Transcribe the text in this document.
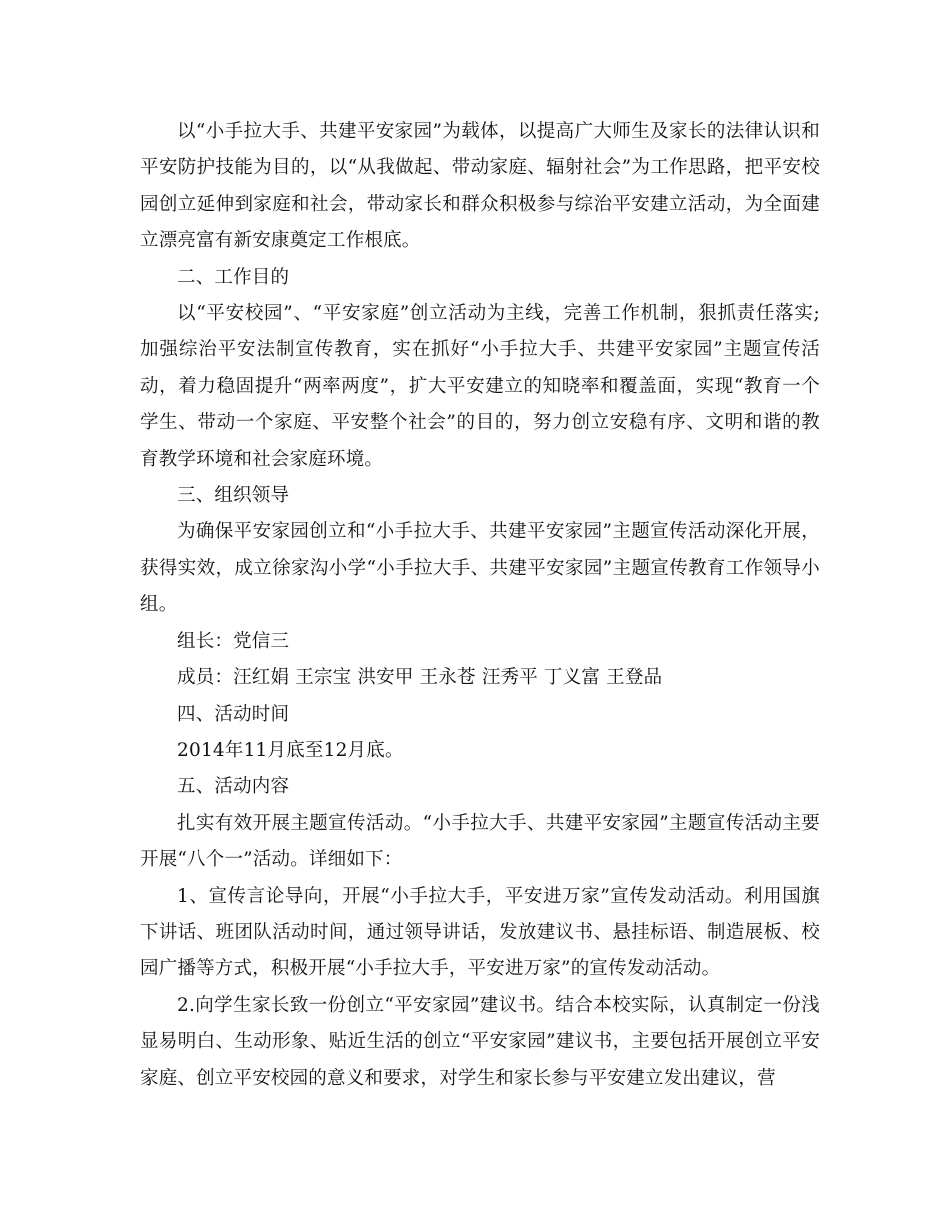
以“小手拉大手、共建平安家园”为载体，以提高广大师生及家长的法律认识和平安防护技能为目的，以“从我做起、带动家庭、辐射社会”为工作思路，把平安校园创立延伸到家庭和社会，带动家长和群众积极参与综治平安建立活动，为全面建立漂亮富有新安康奠定工作根底。

二、工作目的

以“平安校园”、“平安家庭”创立活动为主线，完善工作机制，狠抓责任落实;加强综治平安法制宣传教育，实在抓好“小手拉大手、共建平安家园”主题宣传活动，着力稳固提升“两率两度”，扩大平安建立的知晓率和覆盖面，实现“教育一个学生、带动一个家庭、平安整个社会”的目的，努力创立安稳有序、文明和谐的教育教学环境和社会家庭环境。

三、组织领导

为确保平安家园创立和“小手拉大手、共建平安家园”主题宣传活动深化开展，获得实效，成立徐家沟小学“小手拉大手、共建平安家园”主题宣传教育工作领导小组。

组长：党信三

成员：汪红娟 王宗宝 洪安甲 王永苍 汪秀平 丁义富 王登品

四、活动时间

2014年11月底至12月底。

五、活动内容

扎实有效开展主题宣传活动。“小手拉大手、共建平安家园”主题宣传活动主要开展“八个一”活动。详细如下：

1、宣传言论导向，开展“小手拉大手，平安进万家”宣传发动活动。利用国旗下讲话、班团队活动时间，通过领导讲话，发放建议书、悬挂标语、制造展板、校园广播等方式，积极开展“小手拉大手，平安进万家”的宣传发动活动。

2.向学生家长致一份创立“平安家园”建议书。结合本校实际，认真制定一份浅显易明白、生动形象、贴近生活的创立“平安家园”建议书，主要包括开展创立平安家庭、创立平安校园的意义和要求，对学生和家长参与平安建立发出建议，营
